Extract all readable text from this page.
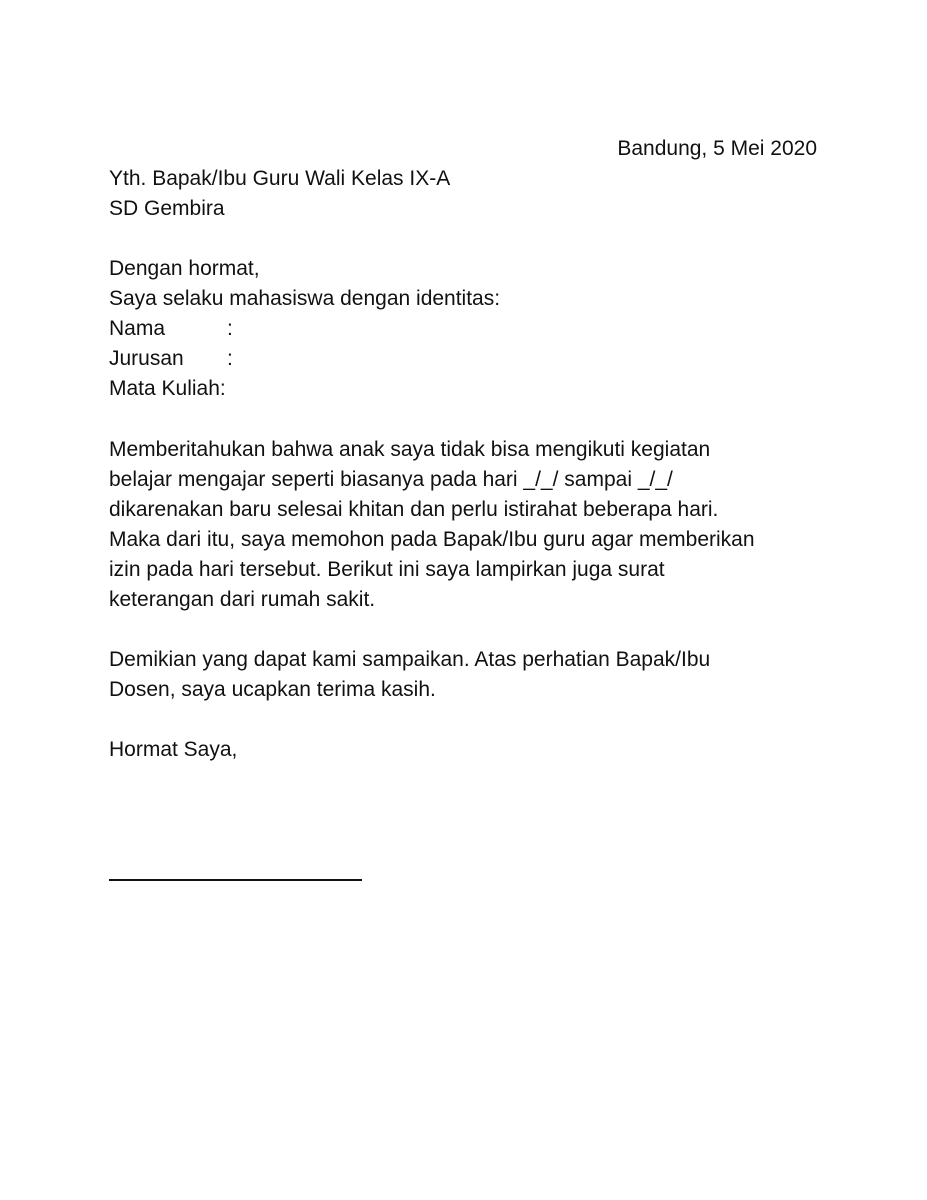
Bandung, 5 Mei 2020
Yth. Bapak/Ibu Guru Wali Kelas IX-A
SD Gembira
Dengan hormat,
Saya selaku mahasiswa dengan identitas:
Nama	:
Jurusan :
Mata Kuliah:
Memberitahukan bahwa anak saya tidak bisa mengikuti kegiatan
belajar mengajar seperti biasanya pada hari _/_/ sampai _/_/
dikarenakan baru selesai khitan dan perlu istirahat beberapa hari.
Maka dari itu, saya memohon pada Bapak/Ibu guru agar memberikan
izin pada hari tersebut. Berikut ini saya lampirkan juga surat
keterangan dari rumah sakit.
Demikian yang dapat kami sampaikan. Atas perhatian Bapak/Ibu
Dosen, saya ucapkan terima kasih.
Hormat Saya,
